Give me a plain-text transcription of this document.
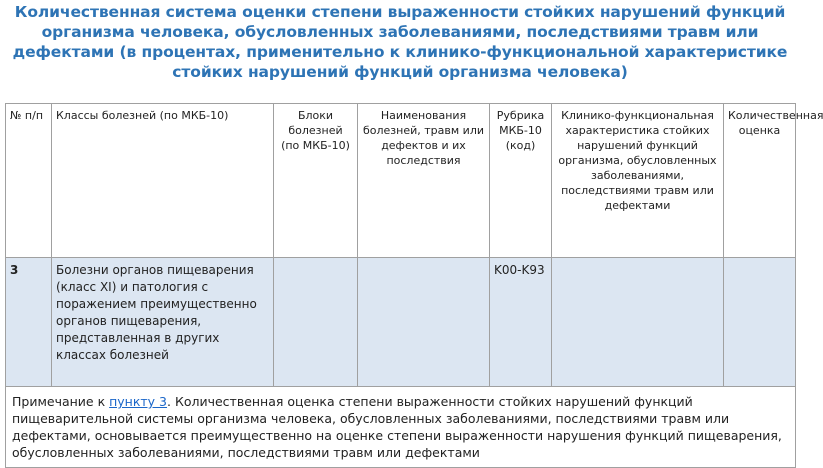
Количественная система оценки степени выраженности стойких нарушений функций организма человека, обусловленных заболеваниями, последствиями травм или дефектами (в процентах, применительно к клинико-функциональной характеристике стойких нарушений функций организма человека)
№ п/п	Классы болезней (по МКБ-10)	Блоки болезней (по МКБ-10)	Наименования болезней, травм или дефектов и их последствия	Рубрика МКБ-10 (код)	Клинико-функциональная характеристика стойких нарушений функций организма, обусловленных заболеваниями, последствиями травм или дефектами	Количественная оценка
3	Болезни органов пищеварения (класс XI) и патология с поражением преимущественно органов пищеварения, представленная в других классах болезней			K00-K93		
Примечание к пункту 3. Количественная оценка степени выраженности стойких нарушений функций пищеварительной системы организма человека, обусловленных заболеваниями, последствиями травм или дефектами, основывается преимущественно на оценке степени выраженности нарушения функций пищеварения, обусловленных заболеваниями, последствиями травм или дефектами						
